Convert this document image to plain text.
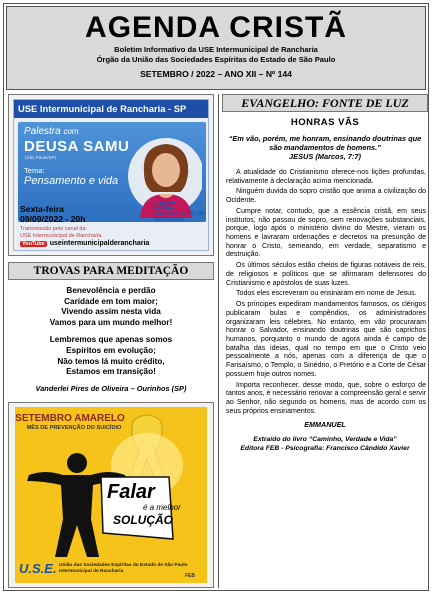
AGENDA CRISTÃ
Boletim Informativo da USE Intermunicipal de Rancharia
Órgão da União das Sociedades Espíritas do Estado de São Paulo
SETEMBRO / 2022 – ANO XII – Nº 144
USE Intermunicipal de Rancharia - SP
Palestra com
DEUSA SAMU
(São Paulo/SP)
Tema:
Pensamento e vida
Sexta-feira
09/09/2022 - 20h
Transmissão pelo canal da
USE Intermunicipal de Rancharia
YouTube useintermunicipalderancharia
USE
INTERMUNICIPAL DE RANCHARIA
TROVAS PARA MEDITAÇÃO
Benevolência e perdão
Caridade em tom maior;
Vivendo assim nesta vida
Vamos para um mundo melhor!
Lembremos que apenas somos
Espíritos em evolução;
Não temos lá muito crédito,
Estamos em transição!
Vanderlei Pires de Oliveira – Ourinhos (SP)
SETEMBRO AMARELO
MÊS DE PREVENÇÃO DO SUICÍDIO
Falar
é a melhor
SOLUÇÃO
U.S.E. União das Sociedades Espíritas do Estado de São Paulo
Intermunicipal de Rancharia
FEB
EVANGELHO: FONTE DE LUZ
HONRAS VÃS
“Em vão, porém, me honram, ensinando doutrinas que são mandamentos de homens.”
JESUS (Marcos, 7:7)

A atualidade do Cristianismo oferece-nos lições profundas, relativamente à declaração acima mencionada.

Ninguém duvida do sopro cristão que anima a civilização do Ocidente.

Cumpre notar, contudo, que a essência cristã, em seus institutos, não passou de sopro, sem renovações substanciais, porque, logo após o ministério divino do Mestre, vieram os homens e lavraram ordenações e decretos na presunção de honrar o Cristo, semeando, em verdade, separatismo e destruição.

Os últimos séculos estão cheios de figuras notáveis de reis, de religiosos e políticos que se afirmaram defensores do Cristianismo e apóstolos de suas luzes.

Todos eles escreveram ou ensinaram em nome de Jesus.

Os príncipes expediram mandamentos famosos, os clérigos publicaram bulas e compêndios, os administradores organizaram leis célebres. No entanto, em vão procuraram honrar o Salvador, ensinando doutrinas que são caprichos humanos, porquanto o mundo de agora ainda é campo de batalha das ideias, qual no tempo em que o Cristo veio pessoalmente a nós, apenas com a diferença de que o Farisaísmo, o Templo, o Sinédrio, o Pretório e a Corte de César possuem hoje outros nomes.

Importa reconhecer, desse modo, que, sobre o esforço de tantos anos, é necessário renovar a compreensão geral e servir ao Senhor, não segundo os homens, mas de acordo com os seus próprios ensinamentos.

EMMANUEL
Extraído do livro “Caminho, Verdade e Vida”
Editora FEB - Psicografia: Francisco Cândido Xavier
